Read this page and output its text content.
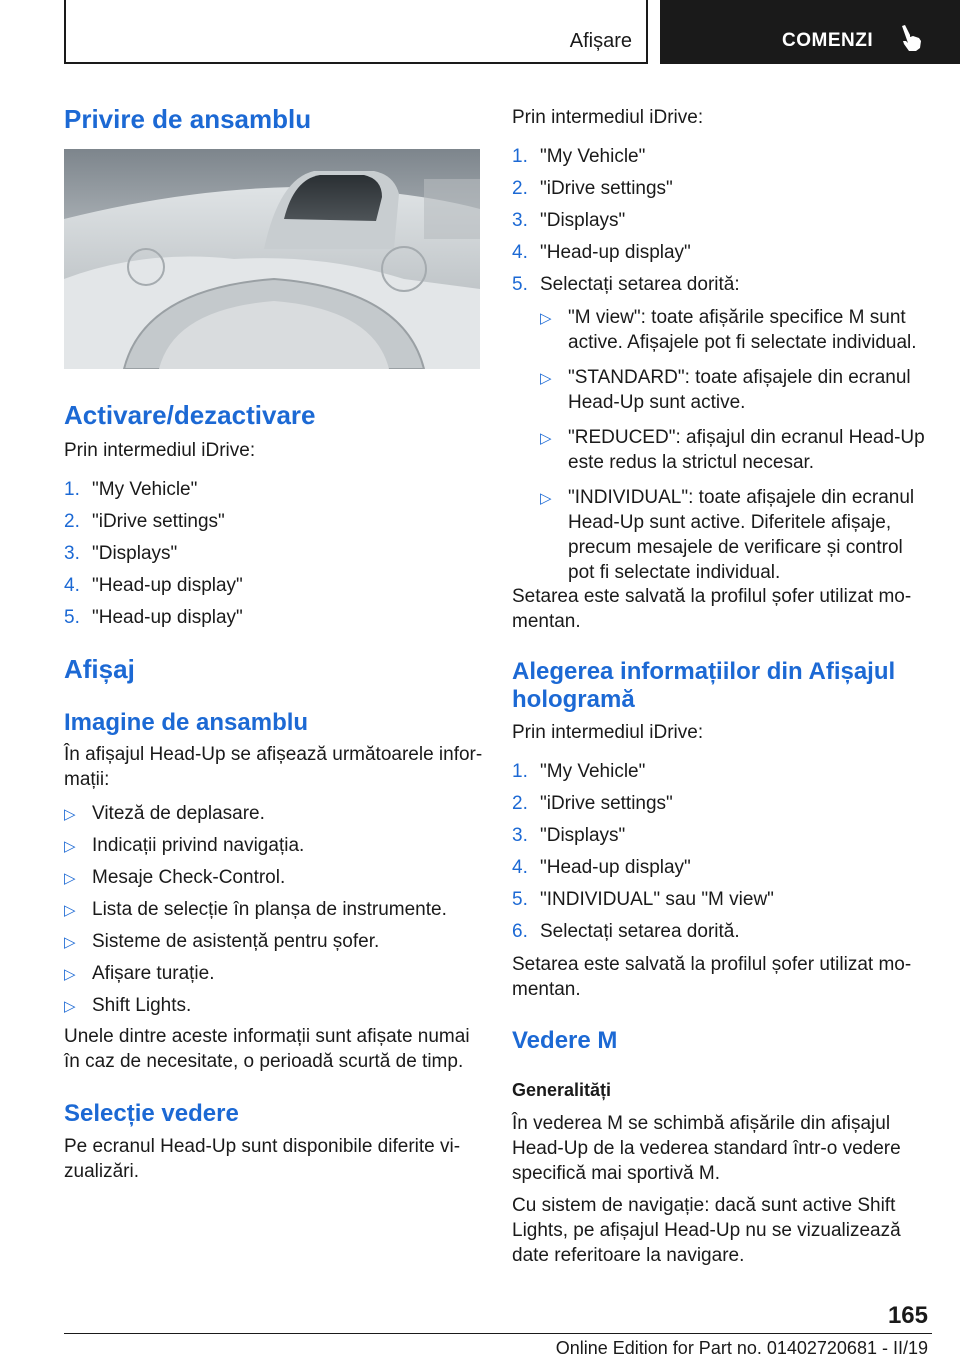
Afișare	COMENZI
Privire de ansamblu
Activare/dezactivare

Prin intermediul iDrive:

1. "My Vehicle"
2. "iDrive settings"
3. "Displays"
4. "Head-up display"
5. "Head-up display"
Afișaj
Imagine de ansamblu

În afișajul Head-Up se afișează următoarele infor-

mații:

▷ Viteză de deplasare.
▷ Indicații privind navigația.
▷ Mesaje Check-Control.
▷ Lista de selecție în planșa de instrumente.
▷ Sisteme de asistență pentru șofer.
▷ Afișare turație.
▷ Shift Lights.

Unele dintre aceste informații sunt afișate numai

în caz de necesitate, o perioadă scurtă de timp.

Selecție vedere

Pe ecranul Head-Up sunt disponibile diferite vi-

zualizări.

Prin intermediul iDrive:

1. "My Vehicle"
2. "iDrive settings"
3. "Displays"
4. "Head-up display"
5. Selectați setarea dorită:
▷ "M view": toate afișările specifice M sunt
active. Afișajele pot fi selectate individual.
▷ "STANDARD": toate afișajele din ecranul
Head-Up sunt active.
▷ "REDUCED": afișajul din ecranul Head-Up
este redus la strictul necesar.
▷ "INDIVIDUAL": toate afișajele din ecranul
Head-Up sunt active. Diferitele afișaje,
precum mesajele de verificare și control
pot fi selectate individual.

Setarea este salvată la profilul șofer utilizat mo-

mentan.

Alegerea informațiilor din Afișajul
hologramă

Prin intermediul iDrive:

1. "My Vehicle"
2. "iDrive settings"
3. "Displays"
4. "Head-up display"
5. "INDIVIDUAL" sau "M view"
6. Selectați setarea dorită.

Setarea este salvată la profilul șofer utilizat mo-

mentan.

Vedere M
Generalități

În vederea M se schimbă afișările din afișajul

Head-Up de la vederea standard într-o vedere

specifică mai sportivă M.

Cu sistem de navigație: dacă sunt active Shift

Lights, pe afișajul Head-Up nu se vizualizează

date referitoare la navigare.

165
Online Edition for Part no. 01402720681 - II/19
